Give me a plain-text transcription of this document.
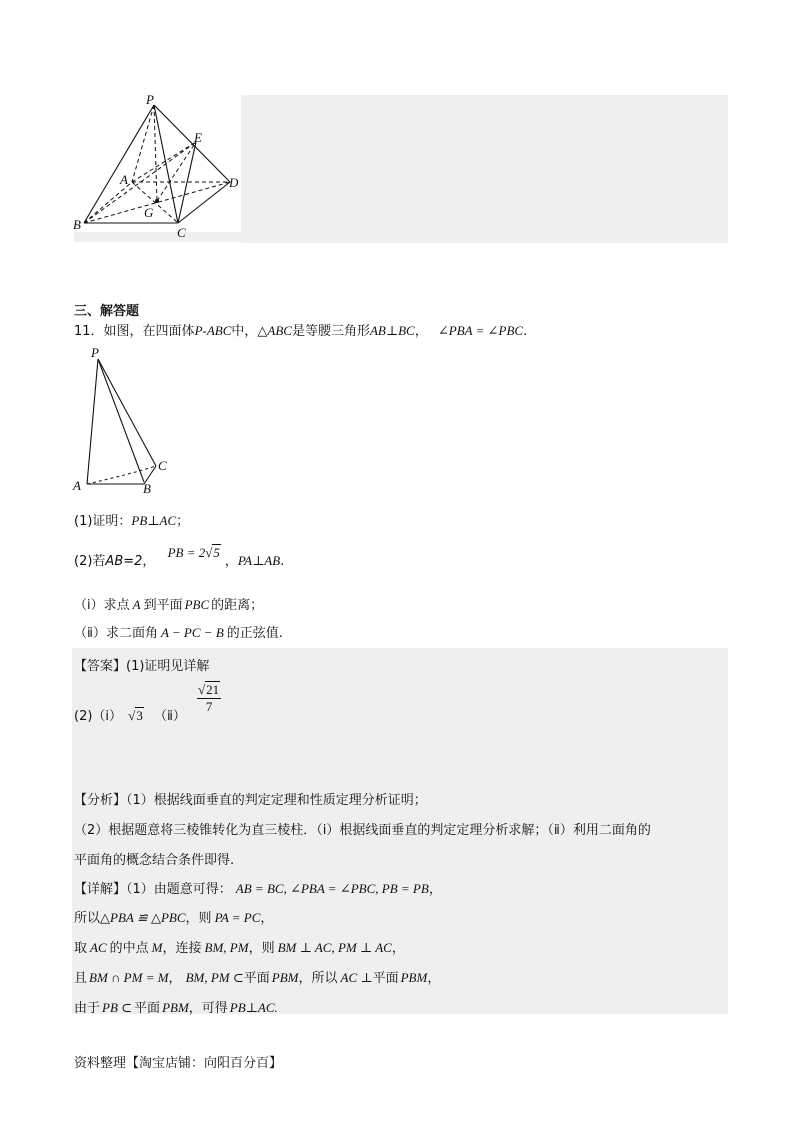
P
E
A	D
G
B
C
三、解答题
11．如图，在四面体P-ABC中，△ABC是等腰三角形AB⊥BC， ∠PBA = ∠PBC.
P
A	B
C
(1)证明：PB⊥AC；
(2)若AB=2， PB = 2√5，PA⊥AB.
（ⅰ）求点 A 到平面 PBC 的距离；
（ⅱ）求二面角 A − PC − B 的正弦值.
【答案】(1)证明见详解
(2)（ⅰ） √3 （ⅱ）
$\frac{√21}{7}$
【分析】（1）根据线面垂直的判定定理和性质定理分析证明；
（2）根据题意将三棱锥转化为直三棱柱．（ⅰ）根据线面垂直的判定定理分析求解；（ⅱ）利用二面角的
平面角的概念结合条件即得.
【详解】（1）由题意可得： AB = BC, ∠PBA = ∠PBC, PB = PB，
所以△PBA ≌ △PBC，则 PA = PC，
取 AC 的中点 M，连接 BM, PM，则 BM ⊥ AC, PM ⊥ AC，
且 BM ∩ PM = M， BM, PM ⊂平面 PBM，所以 AC ⊥平面 PBM，
由于 PB ⊂ 平面 PBM，可得 PB⊥AC.
资料整理【淘宝店铺：向阳百分百】
